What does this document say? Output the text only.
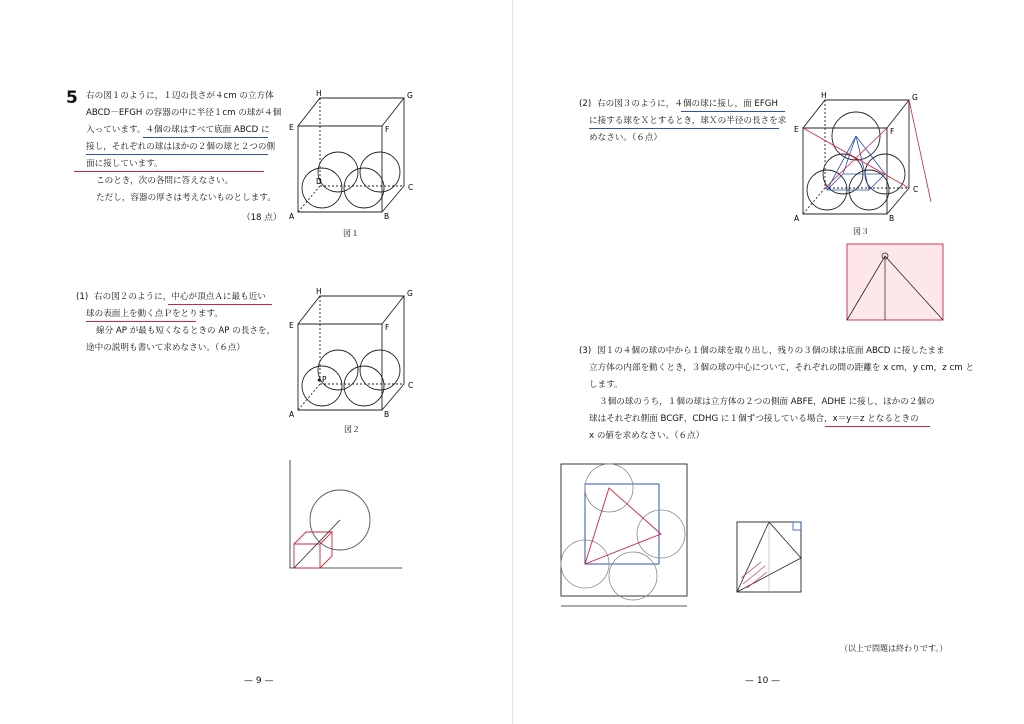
5 右の図１のように，１辺の長さが４cm の立方体
ABCD－EFGH の容器の中に半径１cm の球が４個
入っています。４個の球はすべて底面 ABCD に
接し，それぞれの球はほかの２個の球と２つの側
面に接しています。
このとき，次の各問に答えなさい。
ただし，容器の厚さは考えないものとします。
（18 点）
H	G
E	F
D
C
A	B
図１
(1) 右の図２のように，中心が頂点Ａに最も近い
球の表面上を動く点Ｐをとります。
線分 AP が最も短くなるときの AP の長さを，
途中の説明も書いて求めなさい。（６点）
P
H	G
E	F
C
A	B
図２
— 9 —
(2) 右の図３のように，４個の球に接し，面 EFGH
に接する球をＸとするとき，球Ｘの半径の長さを求
めなさい。（６点）
H	G
E	F
C
A	B
図３
(3) 図１の４個の球の中から１個の球を取り出し，残りの３個の球は底面 ABCD に接したまま
立方体の内部を動くとき，３個の球の中心について，それぞれの間の距離を x cm，y cm，z cm と
します。
３個の球のうち，１個の球は立方体の２つの側面 ABFE，ADHE に接し，ほかの２個の
球はそれぞれ側面 BCGF，CDHG に１個ずつ接している場合，x＝y＝z となるときの
x の値を求めなさい。（６点）
（以上で問題は終わりです。）
— 10 —
